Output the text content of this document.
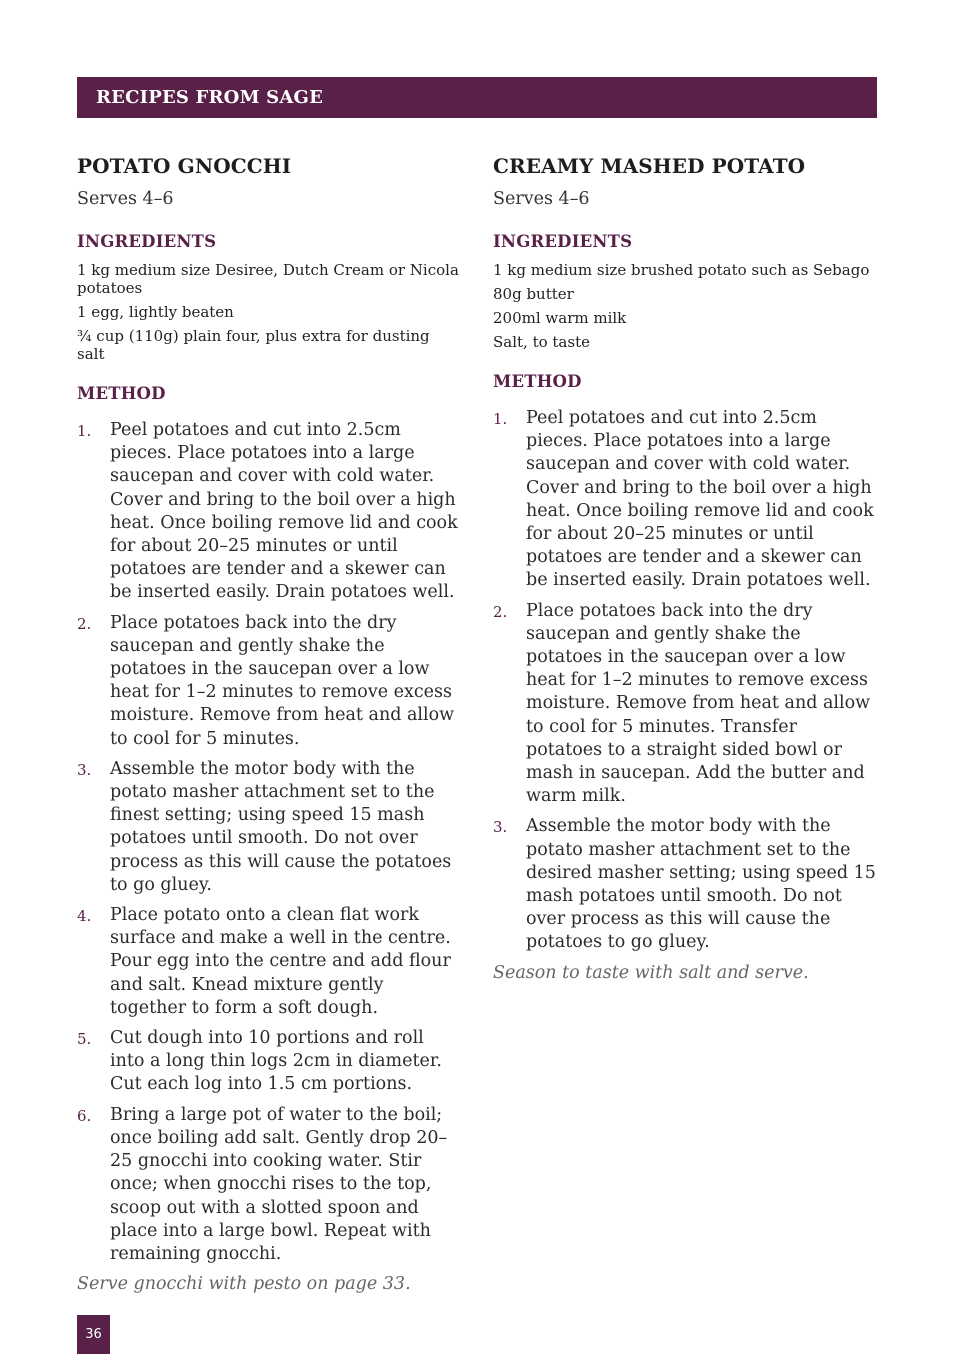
RECIPES FROM SAGE
POTATO GNOCCHI
Serves 4–6
INGREDIENTS

1 kg medium size Desiree, Dutch Cream or Nicola potatoes

1 egg, lightly beaten

¾ cup (110g) plain four, plus extra for dusting salt

METHOD
1.	Peel potatoes and cut into 2.5cm pieces. Place potatoes into a large saucepan and cover with cold water. Cover and bring to the boil over a high heat. Once boiling remove lid and cook for about 20–25 minutes or until potatoes are tender and a skewer can be inserted easily. Drain potatoes well.
2.	Place potatoes back into the dry saucepan and gently shake the potatoes in the saucepan over a low heat for 1–2 minutes to remove excess moisture. Remove from heat and allow to cool for 5 minutes.
3.	Assemble the motor body with the potato masher attachment set to the finest setting; using speed 15 mash potatoes until smooth. Do not over process as this will cause the potatoes to go gluey.
4.	Place potato onto a clean flat work surface and make a well in the centre. Pour egg into the centre and add flour and salt. Knead mixture gently together to form a soft dough.
5.	Cut dough into 10 portions and roll into a long thin logs 2cm in diameter. Cut each log into 1.5 cm portions.
6.	Bring a large pot of water to the boil; once boiling add salt. Gently drop 20–25 gnocchi into cooking water. Stir once; when gnocchi rises to the top, scoop out with a slotted spoon and place into a large bowl. Repeat with remaining gnocchi.
Serve gnocchi with pesto on page 33.
CREAMY MASHED POTATO
Serves 4–6
INGREDIENTS

1 kg medium size brushed potato such as Sebago

80g butter

200ml warm milk

Salt, to taste

METHOD
1.	Peel potatoes and cut into 2.5cm pieces. Place potatoes into a large saucepan and cover with cold water. Cover and bring to the boil over a high heat. Once boiling remove lid and cook for about 20–25 minutes or until potatoes are tender and a skewer can be inserted easily. Drain potatoes well.
2.	Place potatoes back into the dry saucepan and gently shake the potatoes in the saucepan over a low heat for 1–2 minutes to remove excess moisture. Remove from heat and allow to cool for 5 minutes. Transfer potatoes to a straight sided bowl or mash in saucepan. Add the butter and warm milk.
3.	Assemble the motor body with the potato masher attachment set to the desired masher setting; using speed 15 mash potatoes until smooth. Do not over process as this will cause the potatoes to go gluey.
Season to taste with salt and serve.
36
